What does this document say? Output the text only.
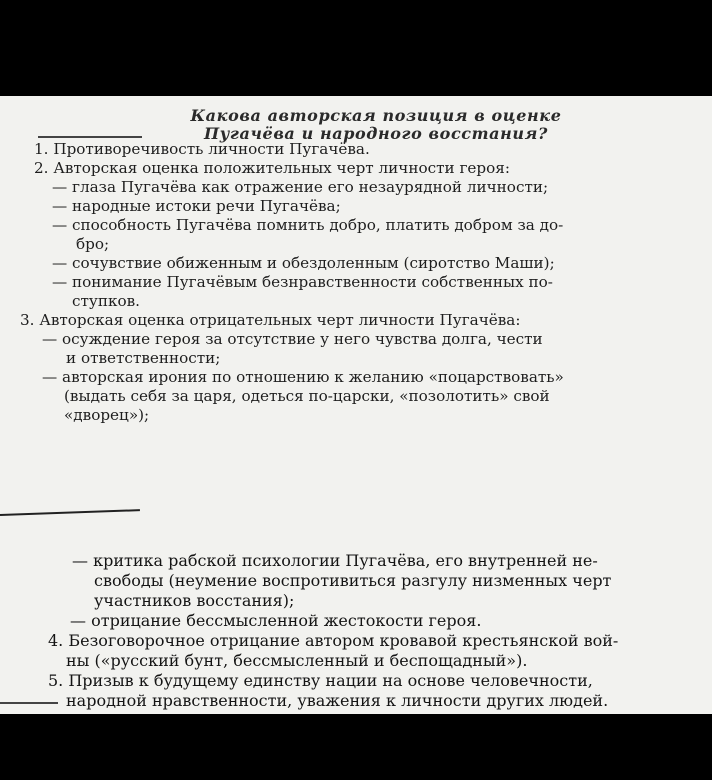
Какова авторская позиция в оценке
Пугачёва и народного восстания?
1. Противоречивость личности Пугачёва.
2. Авторская оценка положительных черт личности героя:
— глаза Пугачёва как отражение его незаурядной личности;
— народные истоки речи Пугачёва;
— способность Пугачёва помнить добро, платить добром за до-
бро;
— сочувствие обиженным и обездоленным (сиротство Маши);
— понимание Пугачёвым безнравственности собственных по-
ступков.
3. Авторская оценка отрицательных черт личности Пугачёва:
— осуждение героя за отсутствие у него чувства долга, чести
и ответственности;
— авторская ирония по отношению к желанию «поцарствовать»
(выдать себя за царя, одеться по-царски, «позолотить» свой
«дворец»);
— критика рабской психологии Пугачёва, его внутренней не-
свободы (неумение воспротивиться разгулу низменных черт
участников восстания);
— отрицание бессмысленной жестокости героя.
4. Безоговорочное отрицание автором кровавой крестьянской вой-
ны («русский бунт, бессмысленный и беспощадный»).
5. Призыв к будущему единству нации на основе человечности,
народной нравственности, уважения к личности других людей.
